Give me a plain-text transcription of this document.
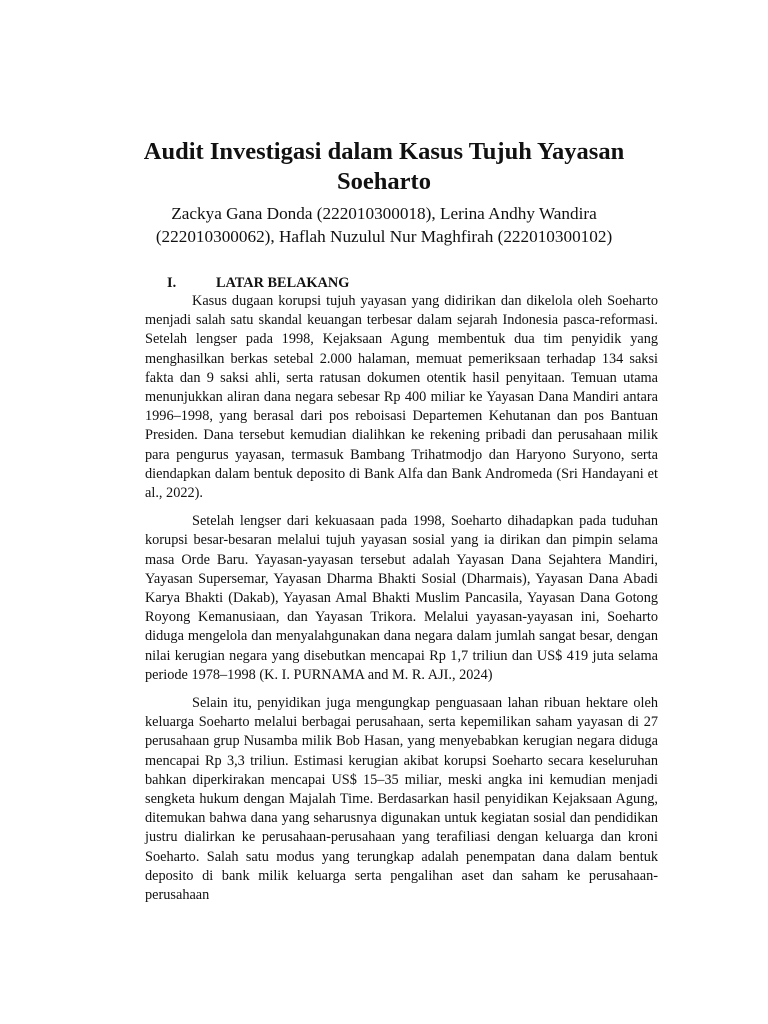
Audit Investigasi dalam Kasus Tujuh Yayasan Soeharto

Zackya Gana Donda (222010300018), Lerina Andhy Wandira (222010300062), Haflah Nuzulul Nur Maghfirah (222010300102)

I.	LATAR BELAKANG

Kasus dugaan korupsi tujuh yayasan yang didirikan dan dikelola oleh Soeharto menjadi salah satu skandal keuangan terbesar dalam sejarah Indonesia pasca-reformasi. Setelah lengser pada 1998, Kejaksaan Agung membentuk dua tim penyidik yang menghasilkan berkas setebal 2.000 halaman, memuat pemeriksaan terhadap 134 saksi fakta dan 9 saksi ahli, serta ratusan dokumen otentik hasil penyitaan. Temuan utama menunjukkan aliran dana negara sebesar Rp 400 miliar ke Yayasan Dana Mandiri antara 1996–1998, yang berasal dari pos reboisasi Departemen Kehutanan dan pos Bantuan Presiden. Dana tersebut kemudian dialihkan ke rekening pribadi dan perusahaan milik para pengurus yayasan, termasuk Bambang Trihatmodjo dan Haryono Suryono, serta diendapkan dalam bentuk deposito di Bank Alfa dan Bank Andromeda (Sri Handayani et al., 2022).

Setelah lengser dari kekuasaan pada 1998, Soeharto dihadapkan pada tuduhan korupsi besar-besaran melalui tujuh yayasan sosial yang ia dirikan dan pimpin selama masa Orde Baru. Yayasan-yayasan tersebut adalah Yayasan Dana Sejahtera Mandiri, Yayasan Supersemar, Yayasan Dharma Bhakti Sosial (Dharmais), Yayasan Dana Abadi Karya Bhakti (Dakab), Yayasan Amal Bhakti Muslim Pancasila, Yayasan Dana Gotong Royong Kemanusiaan, dan Yayasan Trikora. Melalui yayasan-yayasan ini, Soeharto diduga mengelola dan menyalahgunakan dana negara dalam jumlah sangat besar, dengan nilai kerugian negara yang disebutkan mencapai Rp 1,7 triliun dan US$ 419 juta selama periode 1978–1998 (K. I. PURNAMA and M. R. AJI., 2024)

Selain itu, penyidikan juga mengungkap penguasaan lahan ribuan hektare oleh keluarga Soeharto melalui berbagai perusahaan, serta kepemilikan saham yayasan di 27 perusahaan grup Nusamba milik Bob Hasan, yang menyebabkan kerugian negara diduga mencapai Rp 3,3 triliun. Estimasi kerugian akibat korupsi Soeharto secara keseluruhan bahkan diperkirakan mencapai US$ 15–35 miliar, meski angka ini kemudian menjadi sengketa hukum dengan Majalah Time. Berdasarkan hasil penyidikan Kejaksaan Agung, ditemukan bahwa dana yang seharusnya digunakan untuk kegiatan sosial dan pendidikan justru dialirkan ke perusahaan-perusahaan yang terafiliasi dengan keluarga dan kroni Soeharto. Salah satu modus yang terungkap adalah penempatan dana dalam bentuk deposito di bank milik keluarga serta pengalihan aset dan saham ke perusahaan-perusahaan
